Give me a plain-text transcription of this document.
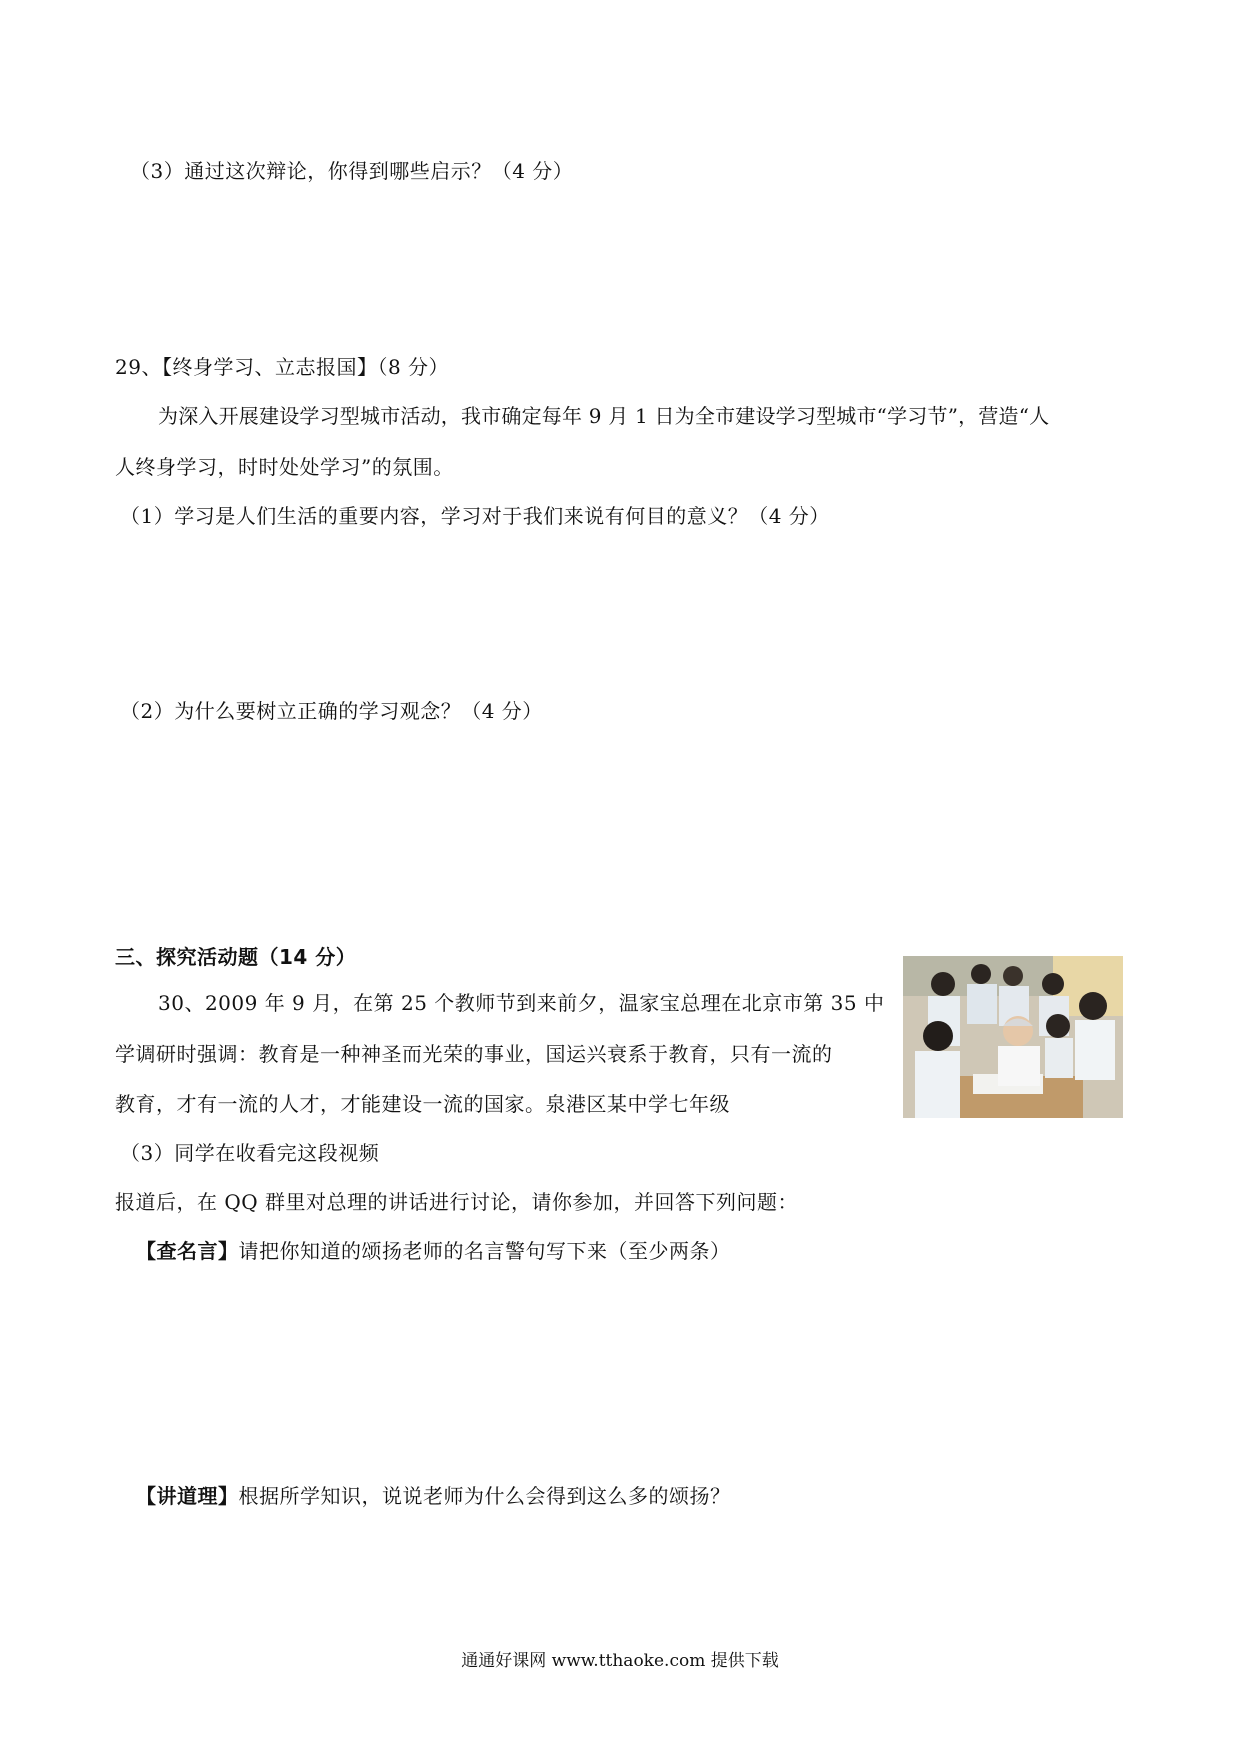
（3）通过这次辩论，你得到哪些启示？（4 分）
29、【终身学习、立志报国】（8 分）
为深入开展建设学习型城市活动，我市确定每年 9 月 1 日为全市建设学习型城市“学习节”，营造“人
人终身学习，时时处处学习”的氛围。
（1）学习是人们生活的重要内容，学习对于我们来说有何目的意义？（4 分）
（2）为什么要树立正确的学习观念？（4 分）
三、探究活动题（14 分）
30、2009 年 9 月，在第 25 个教师节到来前夕，温家宝总理在北京市第 35 中
学调研时强调：教育是一种神圣而光荣的事业，国运兴衰系于教育，只有一流的
教育，才有一流的人才，才能建设一流的国家。泉港区某中学七年级
（3）同学在收看完这段视频
报道后，在 QQ 群里对总理的讲话进行讨论，请你参加，并回答下列问题：
【查名言】请把你知道的颂扬老师的名言警句写下来（至少两条）
【讲道理】根据所学知识，说说老师为什么会得到这么多的颂扬？
通通好课网 www.tthaoke.com 提供下载
